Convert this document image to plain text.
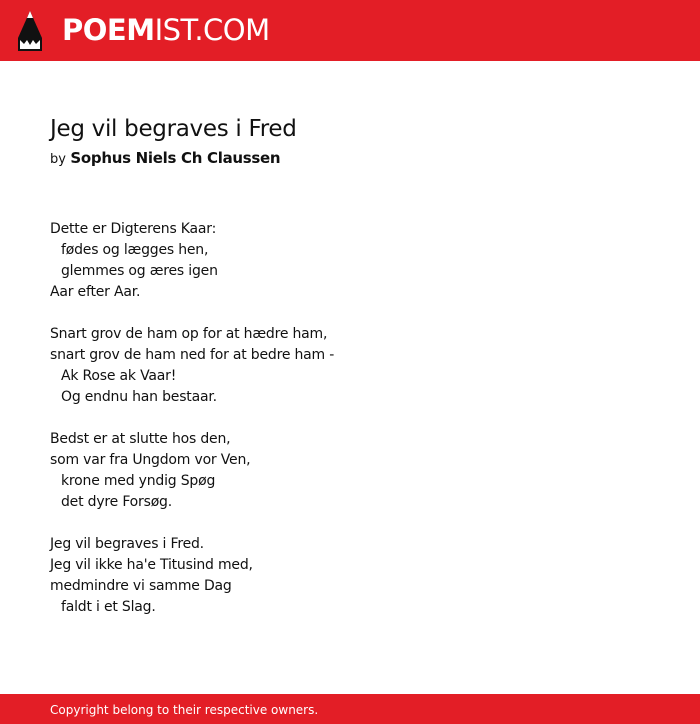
POEMIST.COM
Jeg vil begraves i Fred
by Sophus Niels Ch Claussen
Dette er Digterens Kaar:
fødes og lægges hen,
glemmes og æres igen
Aar efter Aar.
Snart grov de ham op for at hædre ham,
snart grov de ham ned for at bedre ham -
Ak Rose ak Vaar!
Og endnu han bestaar.
Bedst er at slutte hos den,
som var fra Ungdom vor Ven,
krone med yndig Spøg
det dyre Forsøg.
Jeg vil begraves i Fred.
Jeg vil ikke ha'e Titusind med,
medmindre vi samme Dag
faldt i et Slag.
Copyright belong to their respective owners.
